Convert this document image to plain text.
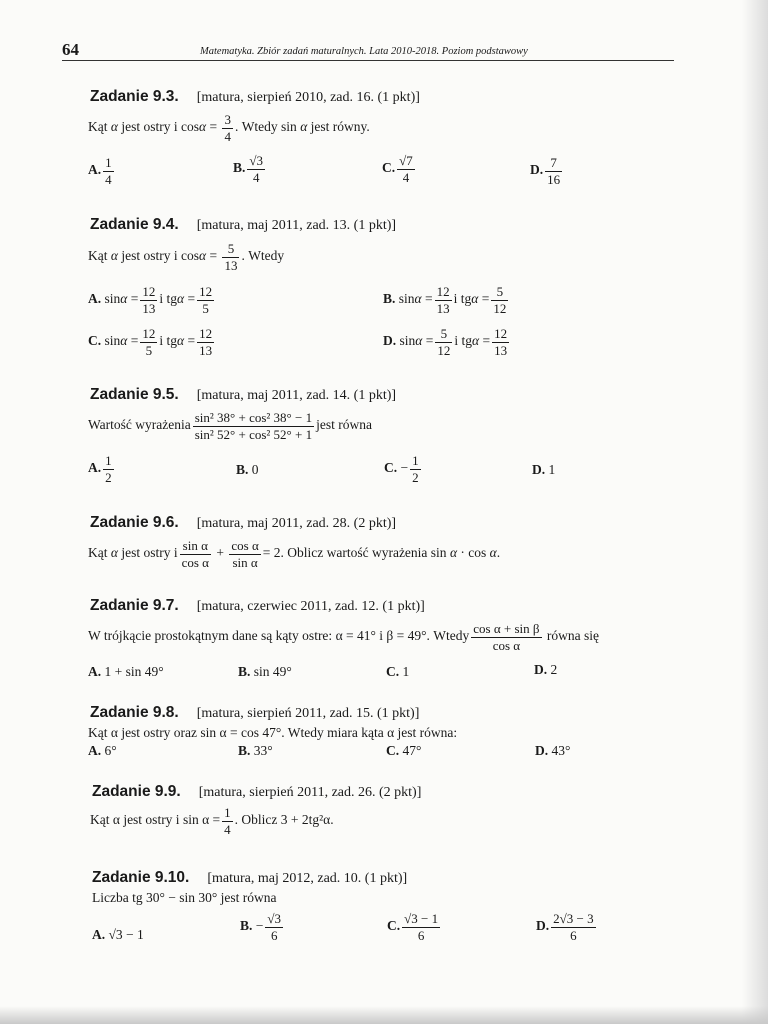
64	Matematyka. Zbiór zadań maturalnych. Lata 2010-2018. Poziom podstawowy
Zadanie 9.3. [matura, sierpień 2010, zad. 16. (1 pkt)]
Kąt α jest ostry i $\cos\alpha = \frac{3}{4}$ . Wtedy sin α jest równy.
A. $\frac{1}{4}$	B. $\frac{√3}{4}$	C. $\frac{√7}{4}$	D. $\frac{7}{16}$
Zadanie 9.4. [matura, maj 2011, zad. 13. (1 pkt)]
Kąt α jest ostry i $\cos\alpha = \frac{5}{13}$ . Wtedy
A. $\sin\alpha = \frac{12}{13}$ i $tg\alpha = \frac{12}{5}$	B. $\sin\alpha = \frac{12}{13}$ i $tg\alpha = \frac{5}{12}$
C. $\sin\alpha = \frac{12}{5}$ i $tg\alpha = \frac{12}{13}$	D. $\sin\alpha = \frac{5}{12}$ i $tg\alpha = \frac{12}{13}$
Zadanie 9.5. [matura, maj 2011, zad. 14. (1 pkt)]
Wartość wyrażenia $\frac{\text{sin² 38° + cos² 38° − 1}}{\text{sin² 52° + cos² 52° + 1}}$ jest równa
A. $\frac{1}{2}$	B. 0	C. − $\frac{1}{2}$	D. 1
Zadanie 9.6. [matura, maj 2011, zad. 28. (2 pkt)]
Kąt α jest ostry i $\frac{\text{sin α}}{\text{cos α}} + \frac{\text{cos α}}{\text{sin α}} = 2$. Oblicz wartość wyrażenia sin α · cos α.
Zadanie 9.7. [matura, czerwiec 2011, zad. 12. (1 pkt)]
W trójkącie prostokątnym dane są kąty ostre: α = 41° i β = 49°. Wtedy $\frac{\text{cos α + sin β}}{\text{cos α}}$ równa się
A. 1 + sin 49°	B. sin 49°	C. 1	D. 2
Zadanie 9.8. [matura, sierpień 2011, zad. 15. (1 pkt)]
Kąt α jest ostry oraz sin α = cos 47°. Wtedy miara kąta α jest równa:
A. 6°	B. 33°	C. 47°	D. 43°
Zadanie 9.9. [matura, sierpień 2011, zad. 26. (2 pkt)]
Kąt α jest ostry i $\sin \alpha = \frac{1}{4}$ . Oblicz 3 + 2tg²α.
Zadanie 9.10. [matura, maj 2012, zad. 10. (1 pkt)]
Liczba tg 30° − sin 30° jest równa
A. √3 − 1
B. − $\frac{√3}{6}$	C. $\frac{√3 - 1}{6}$	D. $\frac{2√3 - 3}{6}$
